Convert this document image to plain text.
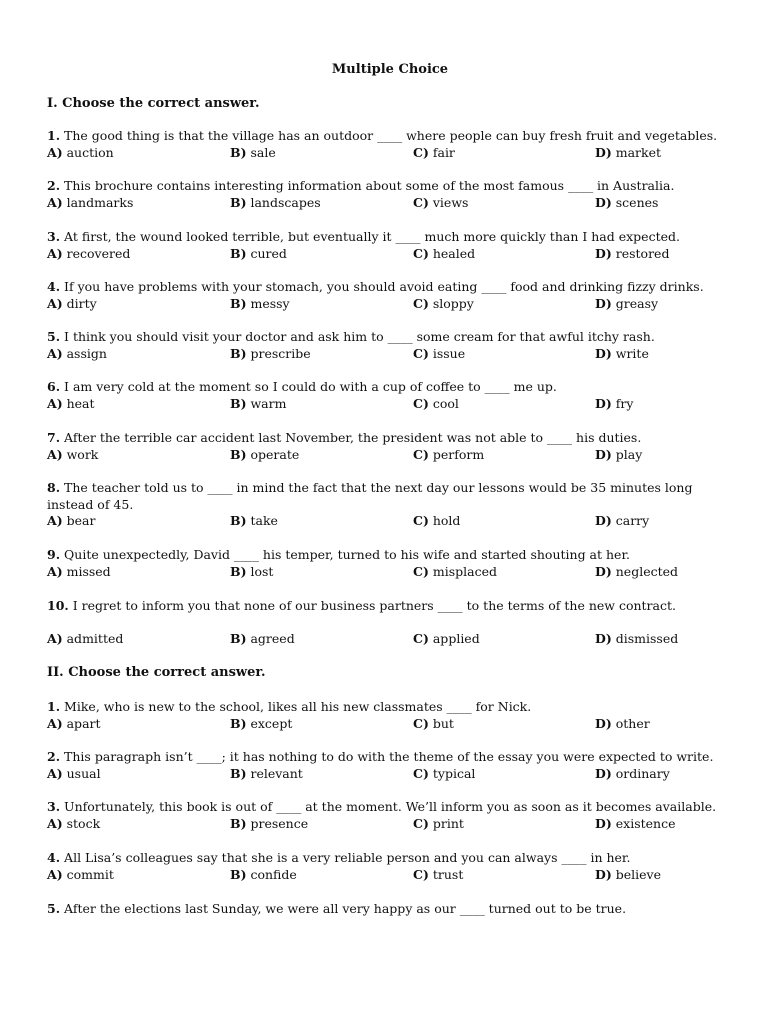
Multiple Choice
I. Choose the correct answer.
1. The good thing is that the village has an outdoor ____ where people can buy fresh fruit and vegetables.
A) auction	B) sale	C) fair	D) market
2. This brochure contains interesting information about some of the most famous ____ in Australia.
A) landmarks	B) landscapes	C) views	D) scenes
3. At first, the wound looked terrible, but eventually it ____ much more quickly than I had expected.
A) recovered	B) cured	C) healed	D) restored
4. If you have problems with your stomach, you should avoid eating ____ food and drinking fizzy drinks.
A) dirty	B) messy	C) sloppy	D) greasy
5. I think you should visit your doctor and ask him to ____ some cream for that awful itchy rash.
A) assign	B) prescribe	C) issue	D) write
6. I am very cold at the moment so I could do with a cup of coffee to ____ me up.
A) heat	B) warm	C) cool	D) fry
7. After the terrible car accident last November, the president was not able to ____ his duties.
A) work	B) operate	C) perform	D) play
8. The teacher told us to ____ in mind the fact that the next day our lessons would be 35 minutes long instead of 45.
A) bear	B) take	C) hold	D) carry
9. Quite unexpectedly, David ____ his temper, turned to his wife and started shouting at her.
A) missed	B) lost	C) misplaced	D) neglected
10. I regret to inform you that none of our business partners ____ to the terms of the new contract.
A) admitted	B) agreed	C) applied	D) dismissed
II. Choose the correct answer.
1. Mike, who is new to the school, likes all his new classmates ____ for Nick.
A) apart	B) except	C) but	D) other
2. This paragraph isn’t ____; it has nothing to do with the theme of the essay you were expected to write.
A) usual	B) relevant	C) typical	D) ordinary
3. Unfortunately, this book is out of ____ at the moment. We’ll inform you as soon as it becomes available.
A) stock	B) presence	C) print	D) existence
4. All Lisa’s colleagues say that she is a very reliable person and you can always ____ in her.
A) commit	B) confide	C) trust	D) believe
5. After the elections last Sunday, we were all very happy as our ____ turned out to be true.
